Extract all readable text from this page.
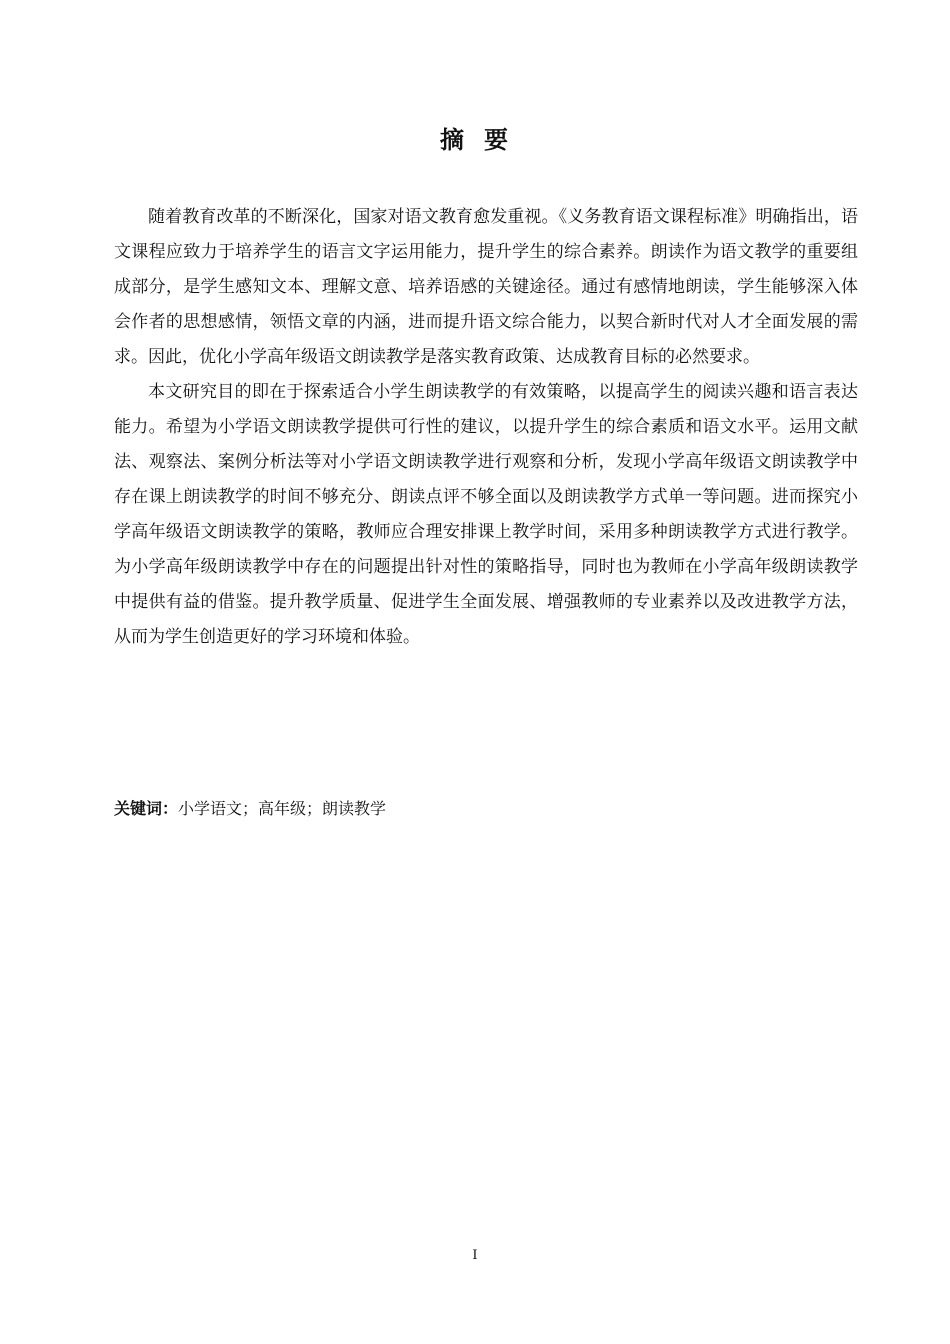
摘 要

随着教育改革的不断深化，国家对语文教育愈发重视。《义务教育语文课程标准》明确指出，语文课程应致力于培养学生的语言文字运用能力，提升学生的综合素养。朗读作为语文教学的重要组成部分，是学生感知文本、理解文意、培养语感的关键途径。通过有感情地朗读，学生能够深入体会作者的思想感情，领悟文章的内涵，进而提升语文综合能力，以契合新时代对人才全面发展的需求。因此，优化小学高年级语文朗读教学是落实教育政策、达成教育目标的必然要求。

本文研究目的即在于探索适合小学生朗读教学的有效策略，以提高学生的阅读兴趣和语言表达能力。希望为小学语文朗读教学提供可行性的建议，以提升学生的综合素质和语文水平。运用文献法、观察法、案例分析法等对小学语文朗读教学进行观察和分析，发现小学高年级语文朗读教学中存在课上朗读教学的时间不够充分、朗读点评不够全面以及朗读教学方式单一等问题。进而探究小学高年级语文朗读教学的策略，教师应合理安排课上教学时间，采用多种朗读教学方式进行教学。为小学高年级朗读教学中存在的问题提出针对性的策略指导，同时也为教师在小学高年级朗读教学中提供有益的借鉴。提升教学质量、促进学生全面发展、增强教师的专业素养以及改进教学方法，从而为学生创造更好的学习环境和体验。

关键词：小学语文；高年级；朗读教学
I
